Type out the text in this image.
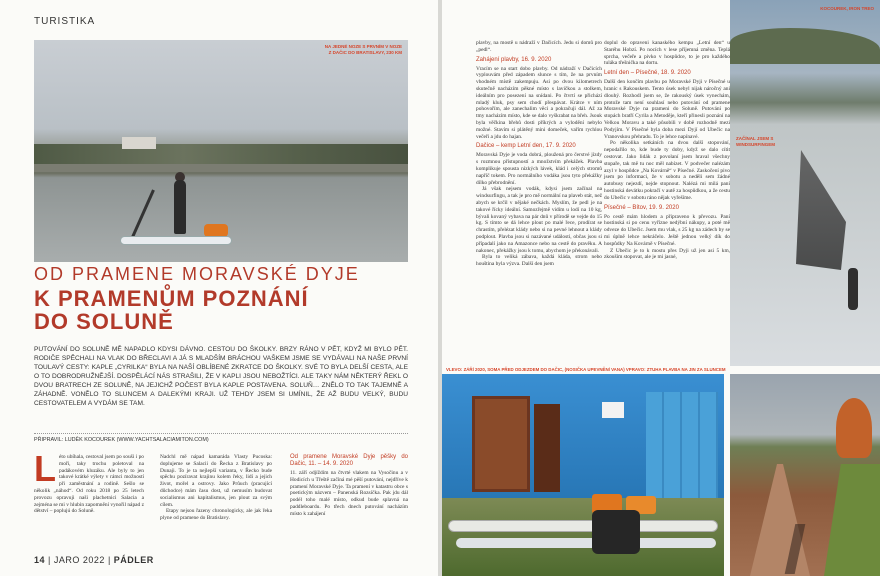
TURISTIKA
NA JEDNÉ NOZE S PRVNÍM V NOZE Z DAČIC DO BRATISLAVY, 230 KM
OD PRAMENE MORAVSKÉ DYJE
K PRAMENŮM POZNÁNÍ
DO SOLUNĚ
PUTOVÁNÍ DO SOLUNĚ MĚ NAPADLO KDYSI DÁVNO. CESTOU DO ŠKOLKY. BRZY RÁNO V PĚT, KDYŽ MI BYLO PĚT. RODIČE SPĚCHALI NA VLAK DO BŘECLAVI A JÁ S MLADŠÍM BRÁCHOU VAŠKEM JSME SE VYDÁVALI NA NAŠE PRVNÍ TOULAVÝ CESTY: KAPLE „CYRILKA“ BYLA NA NAŠÍ OBLÍBENÉ ZKRATCE DO ŠKOLKY. SVÉ TO BYLA DELŠÍ CESTA, ALE O TO DOBRODRUŽNĚJŠÍ. DOSPĚLÁCÍ NÁS STRAŠILI, ŽE V KAPLI JSOU NEBOŽTÍCI. ALE TAKY NÁM NĚKTERÝ ŘEKL O DVOU BRATRECH ZE SOLUNĚ, NA JEJICHŽ POČEST BYLA KAPLE POSTAVENA. SOLUŇ… ZNĚLO TO TAK TAJEMNĚ A ZÁHADNĚ. VONĚLO TO SLUNCEM A DALEKÝMI KRAJI. UŽ TEHDY JSEM SI UMÍNIL, ŽE AŽ BUDU VELKÝ, BUDU CESTOVATELEM A VYDÁM SE TAM.
PŘIPRAVIL: LUDĚK KOCOUREK (WWW.YACHTSALACIAMITON.COM)
L éto ubíhala, cestoval jsem po souši i po moři, taky trochu poletoval na padákovém kluzáku. Ale byly to jen takové krátké výlety v rámci možností při zaměstnání a rodině. Sešlo se několik „náhod“. Od roku 2018 po 25 letech provozu opravuji naši plachetnici Salacia a zejména se mi v hlubin zapomnění vynořil nápad z dětství – poplujú do Soluně.

Nadchl mě nápad kamaráda Vlasty Pucoska: doplujeme se Salacii do Řecka z Bratislavy po Dunaji. To je ta nejlepší varianta, v Řecko bude spěchu pozíravat krajinu kolem řeky, lidí a jejich život, mořel a ostrovy. Jako Průuch (pracující důchodce) mám času dost, už nemusím budovat socialismus ani kapitalismus, jen plout za svým cílem.

Etapy nejsou řazeny chronologicky, ale jak řeka plyne od pramene do Bratislavy.

Od pramene Moravské Dyje pěšky do Dačic, 11. – 14. 9. 2020

11. září odjíždím na čtvrté vlakem na Vysočinu a v Hodicích u Třeště začíná mé pěší putování, nejdříve k pramení Moravské Dyje. Ta pramení v katastru obce s poetickým názvem – Panenská Rozsíčka. Pak jdu dál podél toho malé místo, odkud bude splavná na paddleboardu. Po třech dnech putování nacházím místo k zahájení

14 | JARO 2022 | PÁDLER

plavby, na mostě u nádraží v Dačicích. Jedu si domů pro „pedl“.

Zahájení plavby, 16. 9. 2020

Vracím se na start dobo plavby. Od nádraží v Dačicích vyplouvám před západem slunce s tím, že na prvním vhodném místě zakempuju. Asi po dvou kilometrech skutečně nacházím pěkné místo s lavičkou a stolkem, ideálním pro posezení na snídani. Po čtvrtí se přichází mladý kluk, psy sem chodí přespávat. Krátce v ním pohovořím, ale zanechalim věci a pokračuji dál. Až za tmy nacházím místo, kde se dalo vyškrabat na břeh. Jsouk byla věčkina břehů dosti příkrých a vylodění nebylo možné. Stavím si plátěný mini domeček, vařím rychlou večeři a jdu do hajan.

Dačice – kemp Letní den, 17. 9. 2020

Moravská Dyje je voda dobrá, ploužená pro čerstvé jízdy s rozmnou přístupností a množstvím překážek. Plavba komplikuje spousta nízkých lávek, klád i celých stromů napříč tokem. Pro normálního vodáka jsou tyto překážky dílko přebrodnění.

Já však nejsem vodák, kdysi jsem začínal na windsurfingu, a tak je pro mě normální na plaveb stát, než abych se krčil v nějaké nečkách. Myslím, že pedl je na takové řícky ideální. Samozřejmě vidím u lodí na 10 kg, bývali kovaný vybava na pár dnů v přírodě se vejde do 15 kg. S tímto se dá lehce plout po malé řece, prodírat se chrastím, přelézat klády nebo si na pevné lehnout a klády podplout. Plavba jsou si nazávané události, občas jsou si případalí jako na Amazonce nebo na cestě do pravěku. A nakonec, překážky jsou k tomu, abychom je překonávali.

Byla to veliká zábava, každá kláda, strom nebo houština byla výzva. Další den jsem

doplul do opraveni kanaského kempu „Letní den“ u Staréhu Hobzí. Po nocích v lese příjemná změna. Teplá sprcha, večeře a pivko v hospůdce, to je pro každého tuláka třešnička na dortu.

Letní den – Písečné, 18. 9. 2020

Další den končím plavbu po Moravské Dyji v Písečné u hranic s Rakouskem. Tento úsek nebyl nijak náročný ani dlouhý. Rozhodl jsem se, že rakouský úsek vynechám, protože tam není souhlasí nebo putování od pramene Moravské Dyje na prameni do Soluně. Putování po stopách bratří Cyrila a Metoděje, kteří přinesli poznání na Velkou Moravu a také působili v době rozhodně mezi Podyjím. V Písečné byla doba mezi Dyjí od Ubečic na Vranovskou přehradu. To je lehce napínavé.

Po několika setkáních na dvou další stopování, nepodařilo to, kde bude ty doby, když se dalo cítit cestovat. Jako lidák z povolaní jsem hraval všechny stopaře, tak mě tu noc měl nabízet. V podvečer nalézám azyl v hospůdce „Na Kovárně“ v Písečné. Zaskočení pivo jsem po informaci, že v sobotu a neděli sem žádné autobusy nejezdí, nejde stopnout. Nalézá mi milá paní hostinská devátku pokračí v autě za hospůdkou, a že cestu do Ubečic v sobotu ráno nějak vyřešíme.

Písečné – Bítov, 19. 9. 2020

Po cestě mám hlodem a připraveno k převozu. Paní hostinská si po cenu vyřízne nedýbní nákupy, a poté mě odveze do Ubečic. Jsem mu vlak, s 25 kg na zádech by se mi úplně lehce nekráčelo. Ještě jednou velký dík do hospůdky Na Kovárně v Písečné.

Z Ubečic je to k mostu přes Dyji už jen asi 5 km, zkoušim stopovat, ale je mi jasné,

KOCOUREK, IRON TREO
ZAČÍNAL JSEM S WINDSURFINGEM
VLEVO: ZÁŘÍ 2020, SOMA PŘED ODJEZDEM DO DAČIC, (NOSIČKA UPEVNĚNÍ VANA) VPRAVO: ZTUHA PLAVBA NA JIN ZA SLUNCEM
